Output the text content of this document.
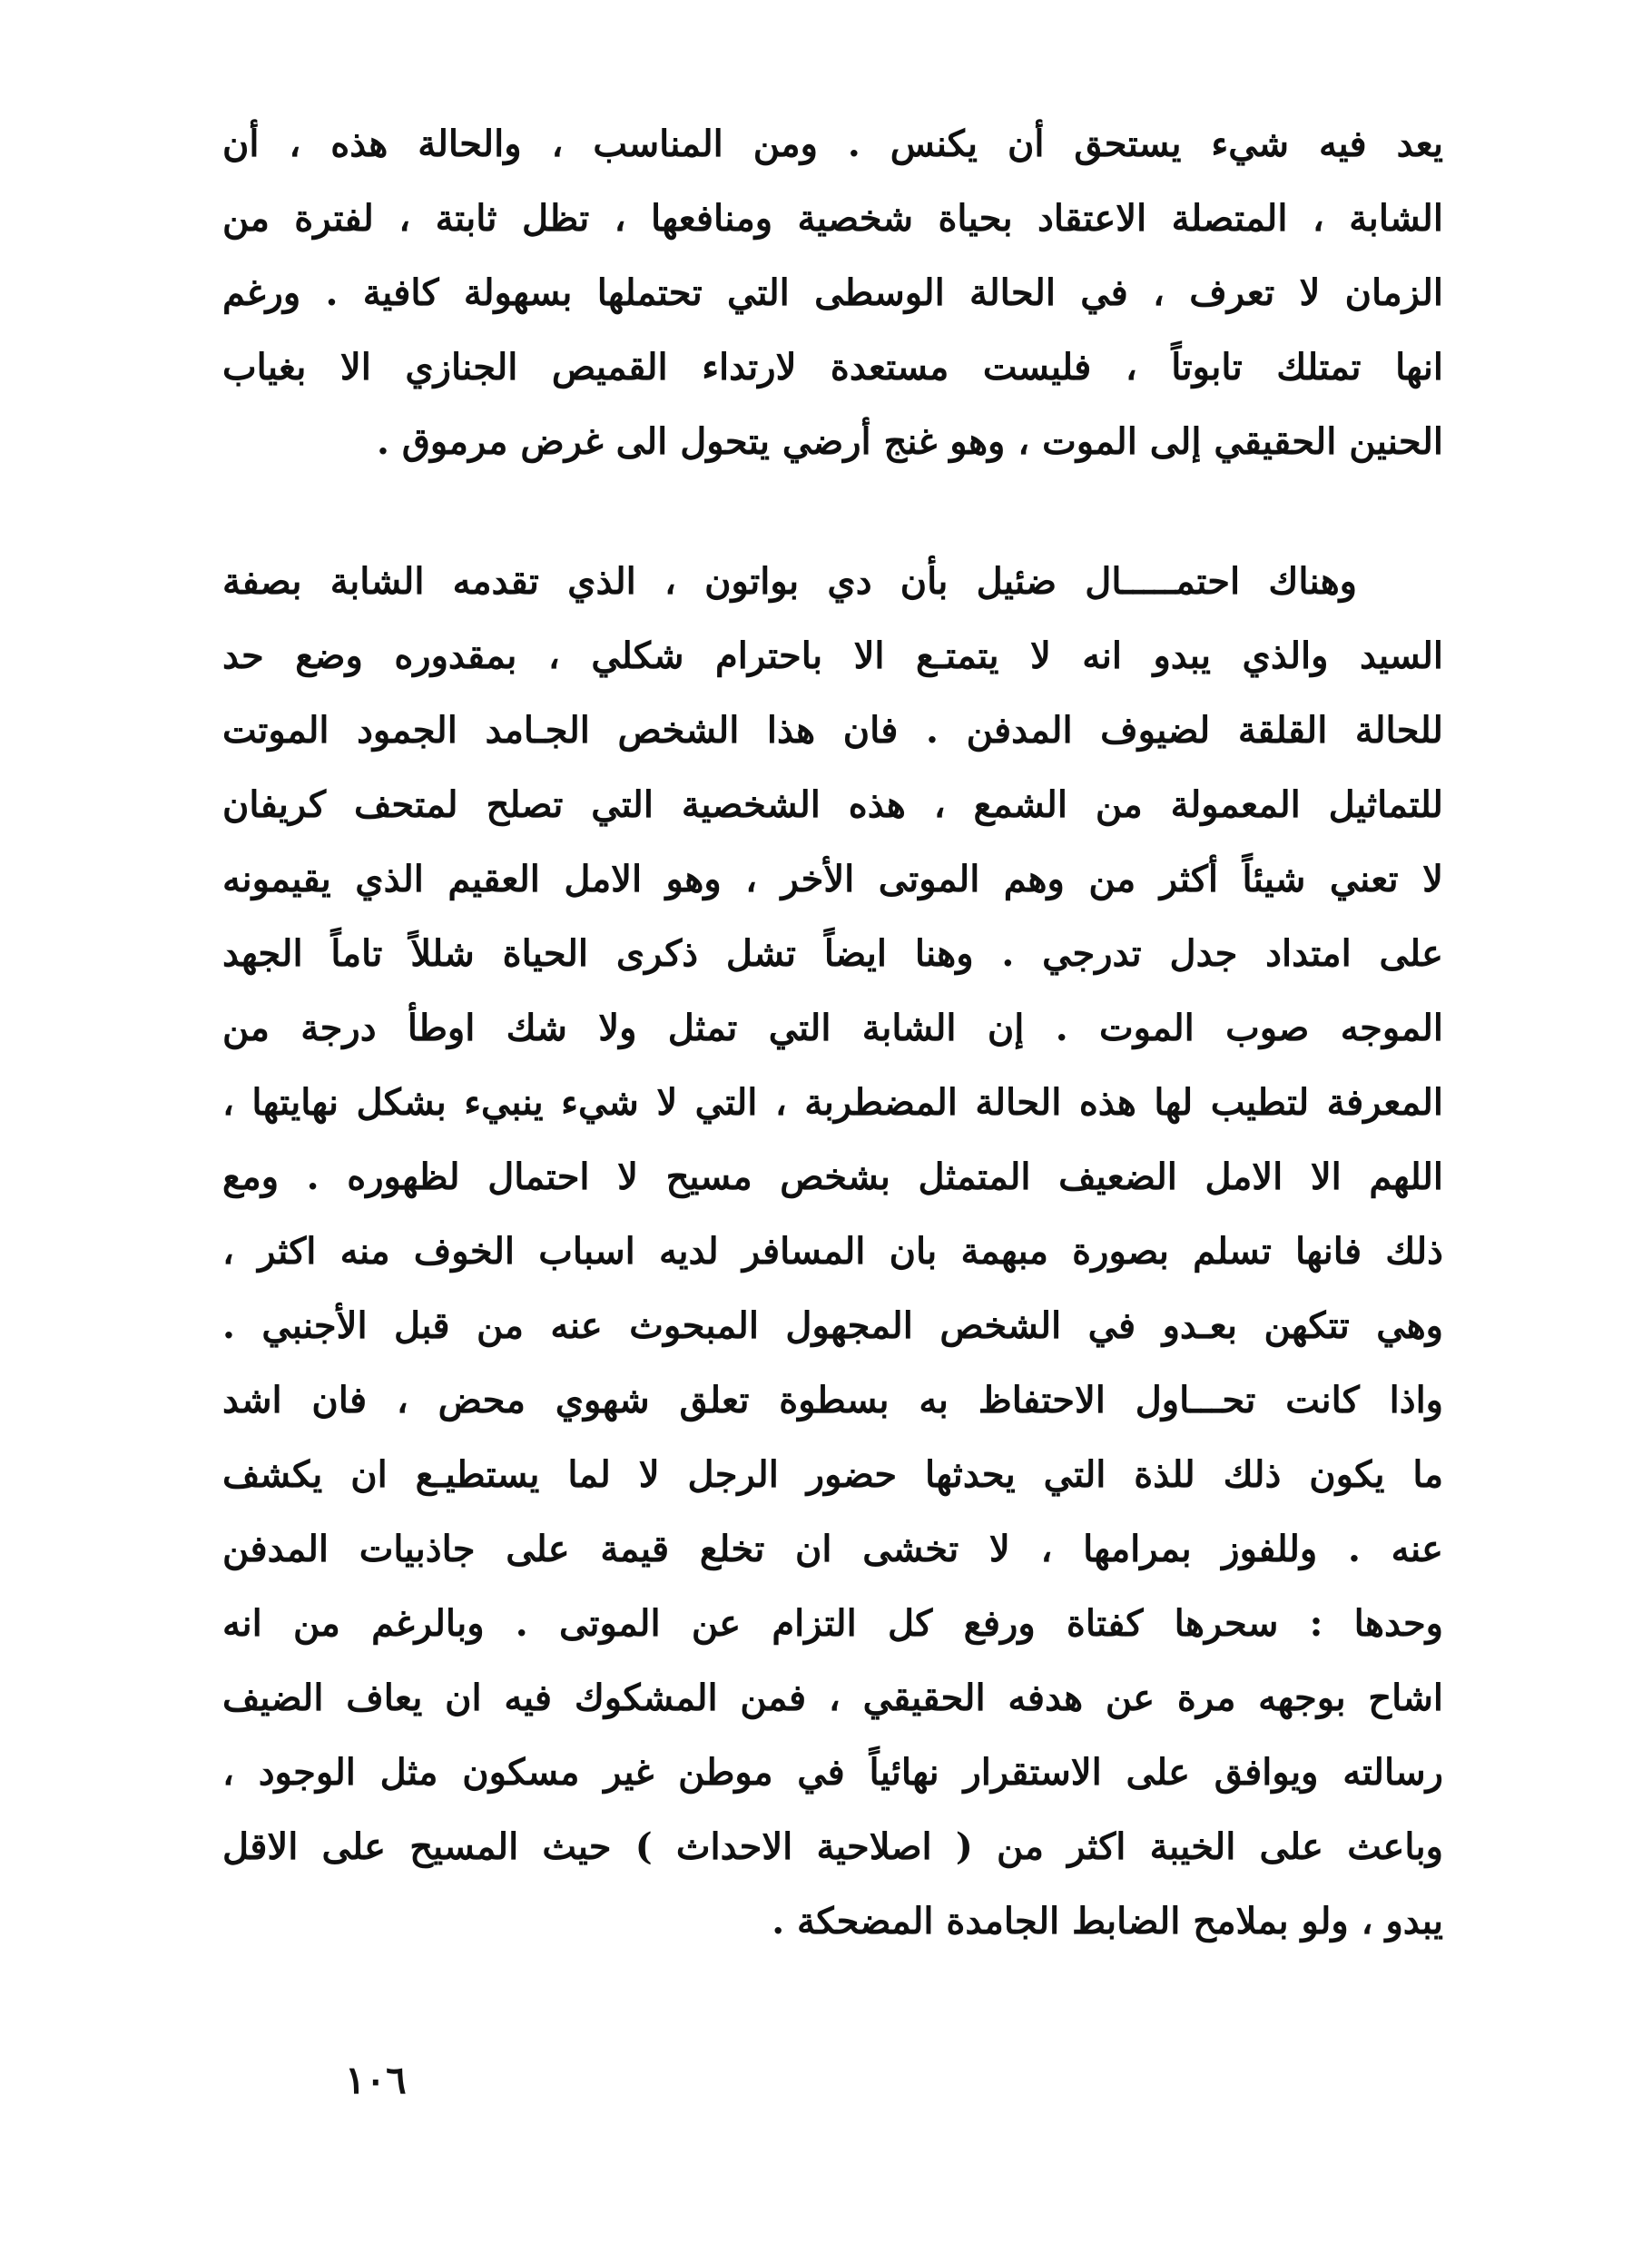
يعد فيه شيء يستحق أن يكنس . ومن المناسب ، والحالة هذه ، أن
الشابة ، المتصلة الاعتقاد بحياة شخصية ومنافعها ، تظل ثابتة ، لفترة من
الزمان لا تعرف ، في الحالة الوسطى التي تحتملها بسهولة كافية . ورغم
انها تمتلك تابوتاً ، فليست مستعدة لارتداء القميص الجنازي الا بغياب
الحنين الحقيقي إلى الموت ، وهو غنج أرضي يتحول الى غرض مرموق .
وهناك احتمـــــال ضئيل بأن دي بواتون ، الذي تقدمه الشابة بصفة
السيد والذي يبدو انه لا يتمتـع الا باحترام شكلي ، بمقدوره وضع حد
للحالة القلقة لضيوف المدفن . فان هذا الشخص الجـامد الجمود الموتت
للتماثيل المعمولة من الشمع ، هذه الشخصية التي تصلح لمتحف كريفان
لا تعني شيئاً أكثر من وهم الموتى الأخر ، وهو الامل العقيم الذي يقيمونه
على امتداد جدل تدرجي . وهنا ايضاً تشل ذكرى الحياة شللاً تاماً الجهد
الموجه صوب الموت . إن الشابة التي تمثل ولا شك اوطأ درجة من
المعرفة لتطيب لها هذه الحالة المضطربة ، التي لا شيء ينبيء بشكل نهايتها ،
اللهم الا الامل الضعيف المتمثل بشخص مسيح لا احتمال لظهوره . ومع
ذلك فانها تسلم بصورة مبهمة بان المسافر لديه اسباب الخوف منه اكثر ،
وهي تتكهن بعـدو في الشخص المجهول المبحوث عنه من قبل الأجنبي .
واذا كانت تحـــاول الاحتفاظ به بسطوة تعلق شهوي محض ، فان اشد
ما يكون ذلك للذة التي يحدثها حضور الرجل لا لما يستطيـع ان يكشف
عنه . وللفوز بمرامها ، لا تخشى ان تخلع قيمة على جاذبيات المدفن
وحدها : سحرها كفتاة ورفع كل التزام عن الموتى . وبالرغم من انه
اشاح بوجهه مرة عن هدفه الحقيقي ، فمن المشكوك فيه ان يعاف الضيف
رسالته ويوافق على الاستقرار نهائياً في موطن غير مسكون مثل الوجود ،
وباعث على الخيبة اكثر من ( اصلاحية الاحداث ) حيث المسيح على الاقل
يبدو ، ولو بملامح الضابط الجامدة المضحكة .
١٠٦
